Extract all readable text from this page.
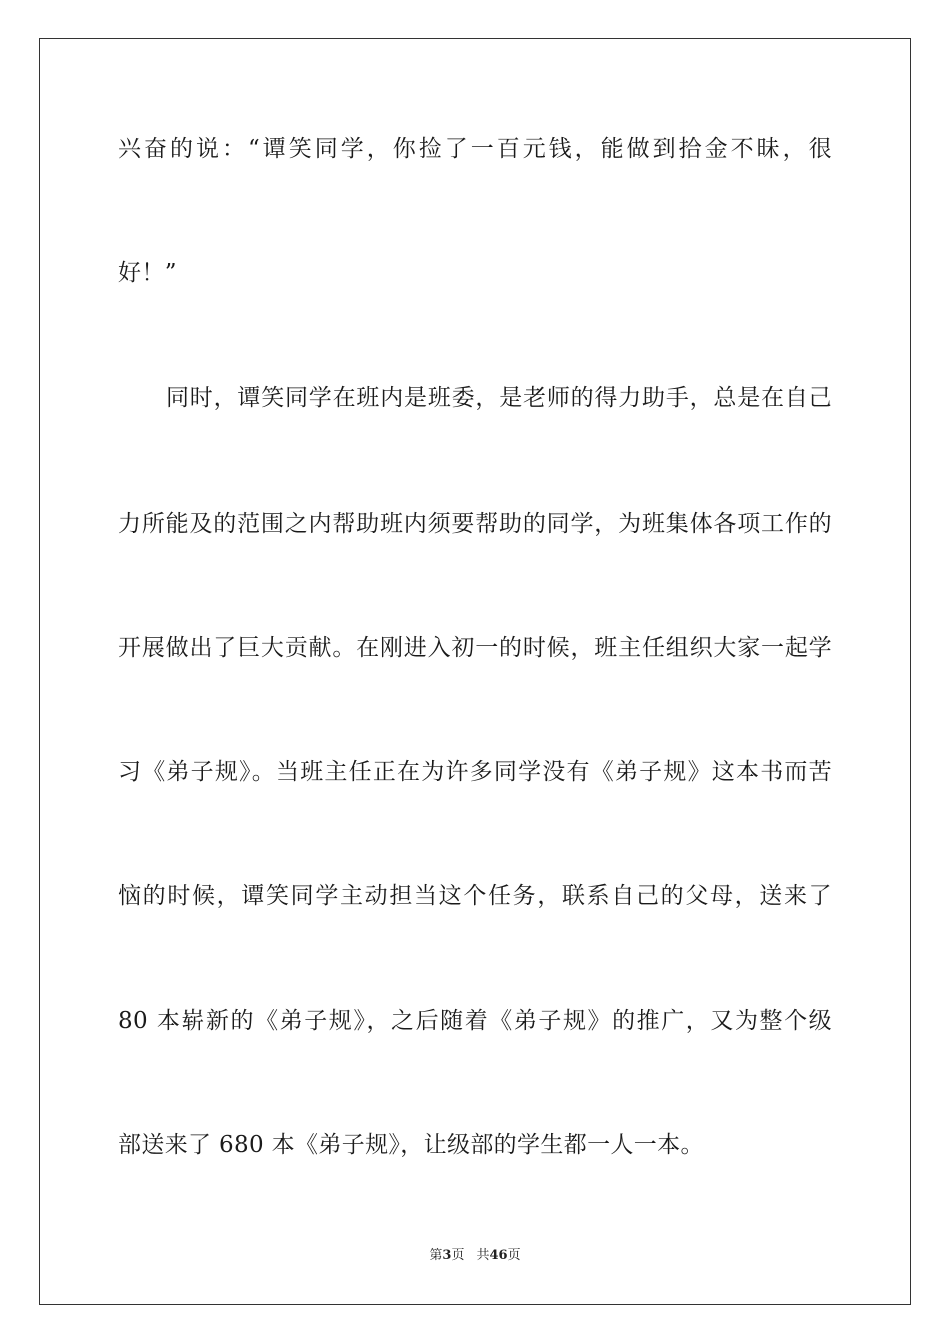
兴奋的说：“谭笑同学，你捡了一百元钱，能做到拾金不昧，很
好！”
同时，谭笑同学在班内是班委，是老师的得力助手，总是在自己
力所能及的范围之内帮助班内须要帮助的同学，为班集体各项工作的
开展做出了巨大贡献。在刚进入初一的时候，班主任组织大家一起学
习《弟子规》。当班主任正在为许多同学没有《弟子规》这本书而苦
恼的时候，谭笑同学主动担当这个任务，联系自己的父母，送来了
80 本崭新的《弟子规》，之后随着《弟子规》的推广，又为整个级
部送来了 680 本《弟子规》，让级部的学生都一人一本。
第3页 共46页
